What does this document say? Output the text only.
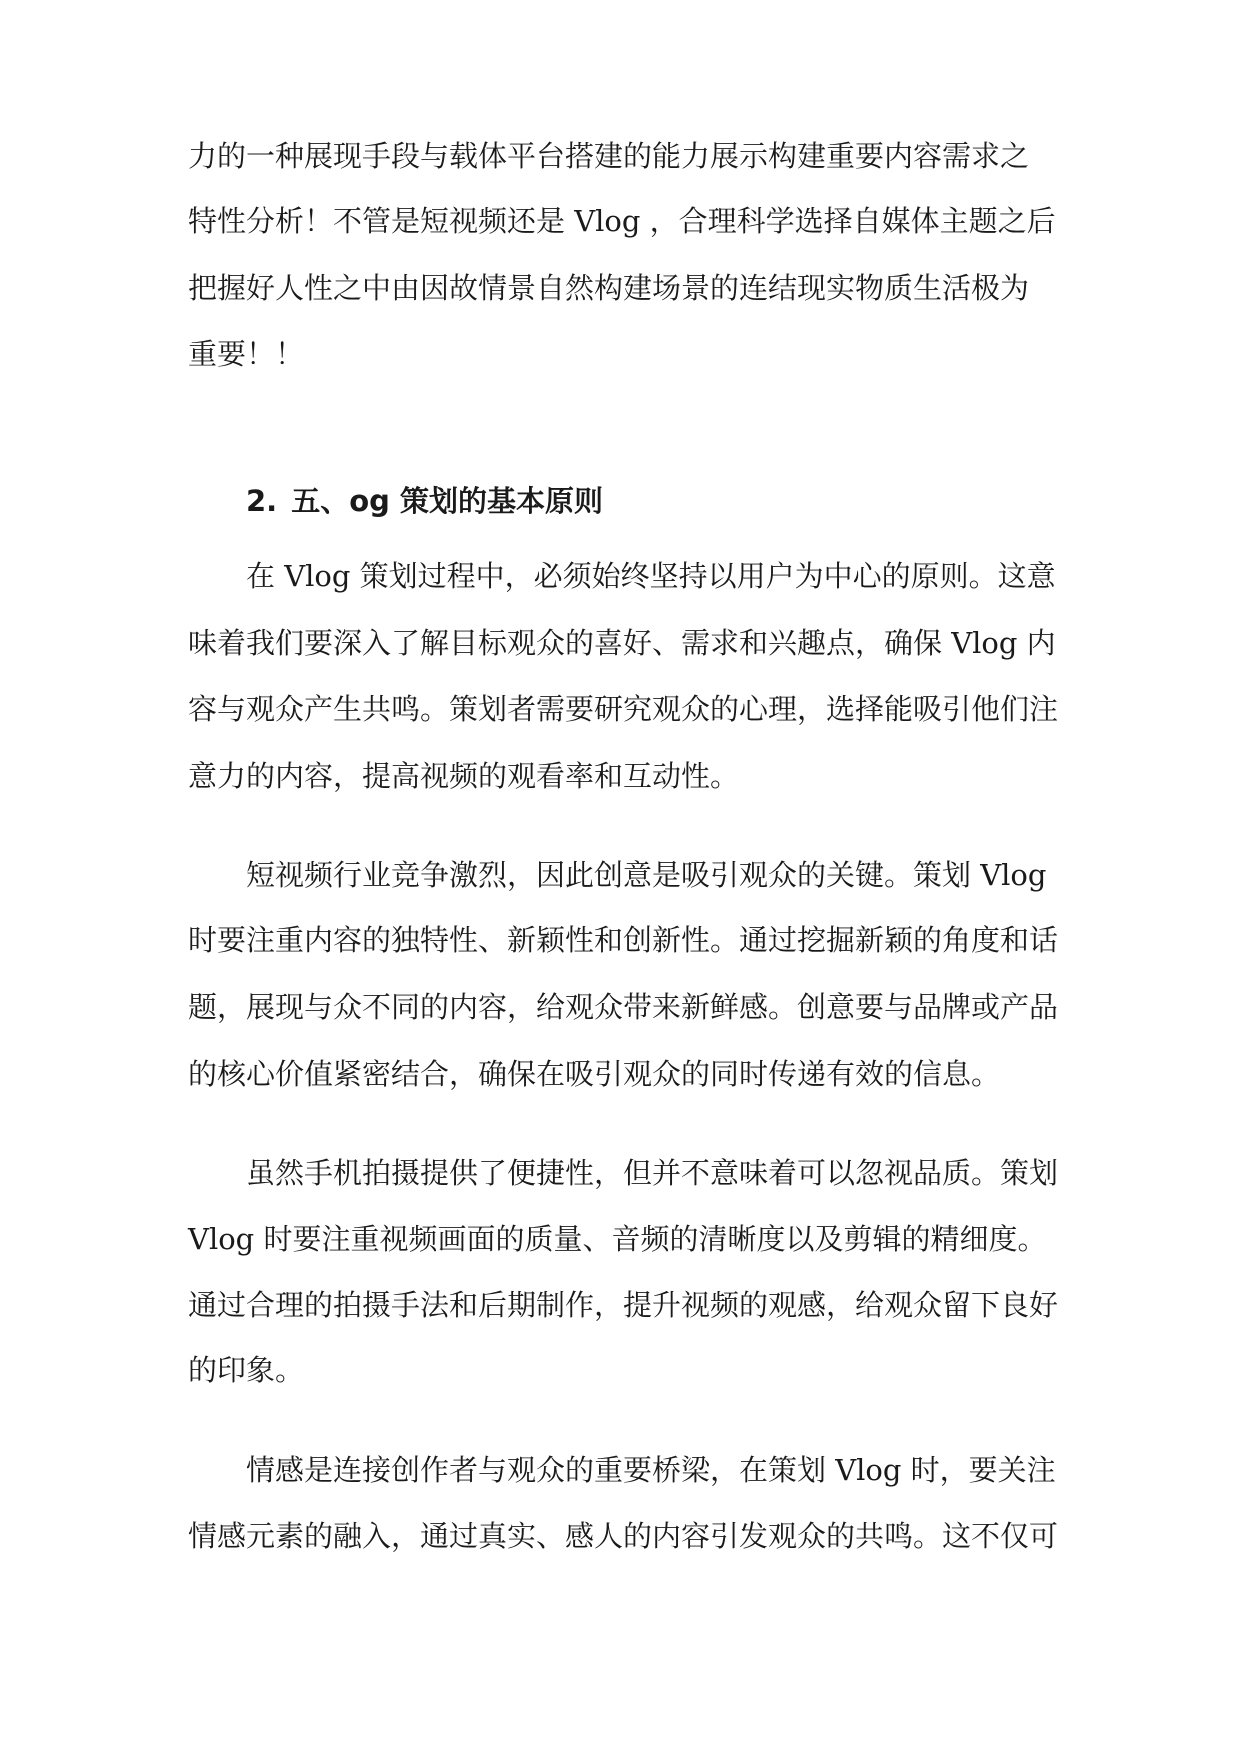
力的一种展现手段与载体平台搭建的能力展示构建重要内容需求之
特性分析！不管是短视频还是 Vlog ，合理科学选择自媒体主题之后
把握好人性之中由因故情景自然构建场景的连结现实物质生活极为
重要！！
2. 五、og 策划的基本原则
在 Vlog 策划过程中，必须始终坚持以用户为中心的原则。这意
味着我们要深入了解目标观众的喜好、需求和兴趣点，确保 Vlog 内
容与观众产生共鸣。策划者需要研究观众的心理，选择能吸引他们注
意力的内容，提高视频的观看率和互动性。
短视频行业竞争激烈，因此创意是吸引观众的关键。策划 Vlog
时要注重内容的独特性、新颖性和创新性。通过挖掘新颖的角度和话
题，展现与众不同的内容，给观众带来新鲜感。创意要与品牌或产品
的核心价值紧密结合，确保在吸引观众的同时传递有效的信息。
虽然手机拍摄提供了便捷性，但并不意味着可以忽视品质。策划
Vlog 时要注重视频画面的质量、音频的清晰度以及剪辑的精细度。
通过合理的拍摄手法和后期制作，提升视频的观感，给观众留下良好
的印象。
情感是连接创作者与观众的重要桥梁，在策划 Vlog 时，要关注
情感元素的融入，通过真实、感人的内容引发观众的共鸣。这不仅可
